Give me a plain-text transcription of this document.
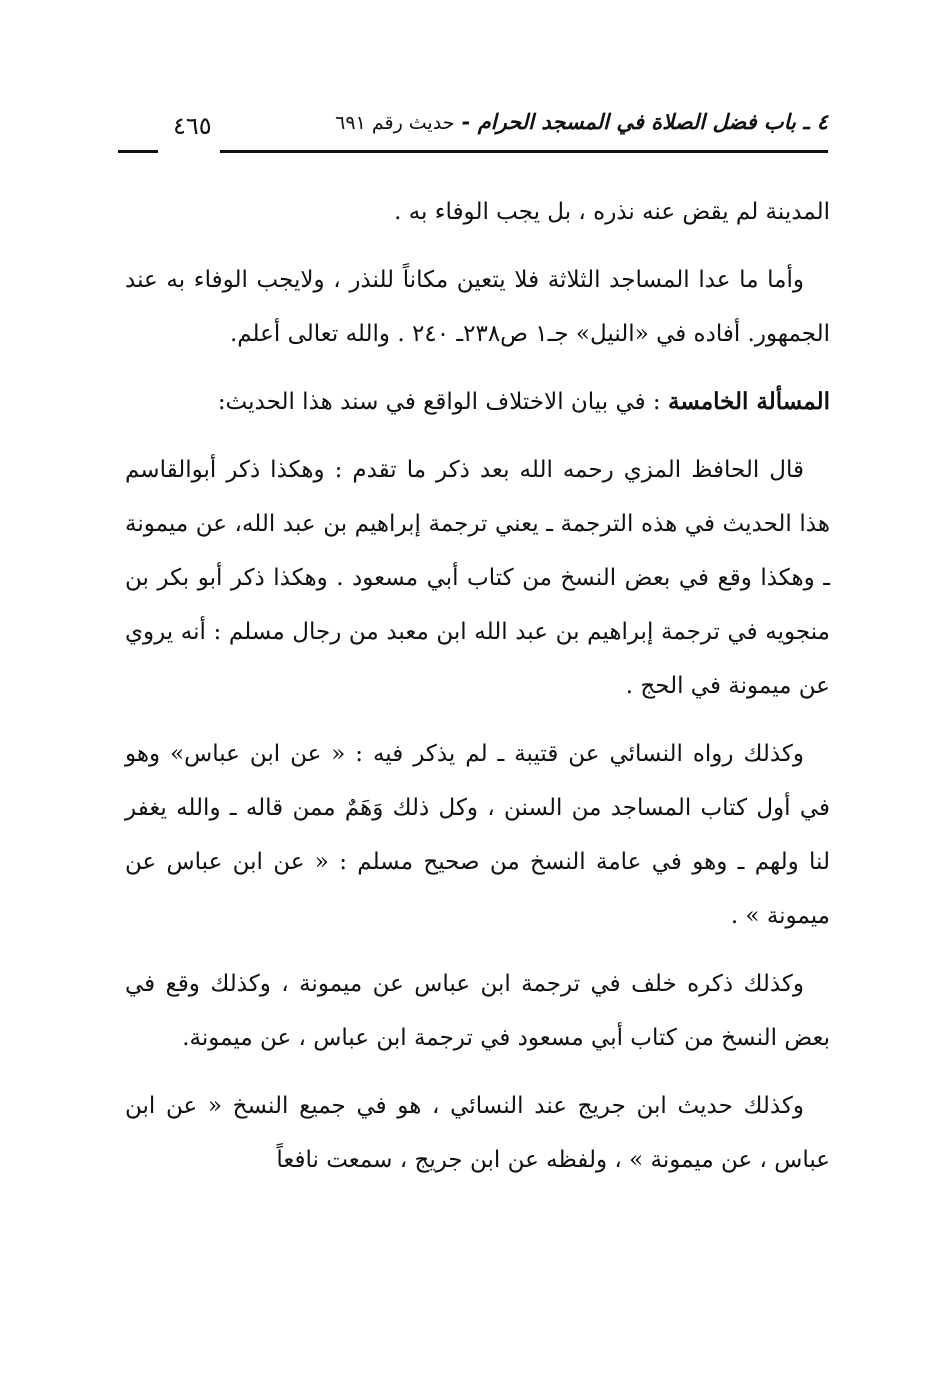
٤ ـ باب فضل الصلاة في المسجد الحرام - حديث رقم ٦٩١
٤٦٥

المدينة لم يقض عنه نذره ، بل يجب الوفاء به .

وأما ما عدا المساجد الثلاثة فلا يتعين مكاناً للنذر ، ولايجب الوفاء به عند الجمهور. أفاده في «النيل» جـ١ ص٢٣٨ـ ٢٤٠ . والله تعالى أعلم.

المسألة الخامسة : في بيان الاختلاف الواقع في سند هذا الحديث:

قال الحافظ المزي رحمه الله بعد ذكر ما تقدم : وهكذا ذكر أبوالقاسم هذا الحديث في هذه الترجمة ـ يعني ترجمة إبراهيم بن عبد الله، عن ميمونة ـ وهكذا وقع في بعض النسخ من كتاب أبي مسعود . وهكذا ذكر أبو بكر بن منجويه في ترجمة إبراهيم بن عبد الله ابن معبد من رجال مسلم : أنه يروي عن ميمونة في الحج .

وكذلك رواه النسائي عن قتيبة ـ لم يذكر فيه : « عن ابن عباس» وهو في أول كتاب المساجد من السنن ، وكل ذلك وَهَمٌ ممن قاله ـ والله يغفر لنا ولهم ـ وهو في عامة النسخ من صحيح مسلم : « عن ابن عباس عن ميمونة » .

وكذلك ذكره خلف في ترجمة ابن عباس عن ميمونة ، وكذلك وقع في بعض النسخ من كتاب أبي مسعود في ترجمة ابن عباس ، عن ميمونة.

وكذلك حديث ابن جريج عند النسائي ، هو في جميع النسخ « عن ابن عباس ، عن ميمونة » ، ولفظه عن ابن جريج ، سمعت نافعاً
